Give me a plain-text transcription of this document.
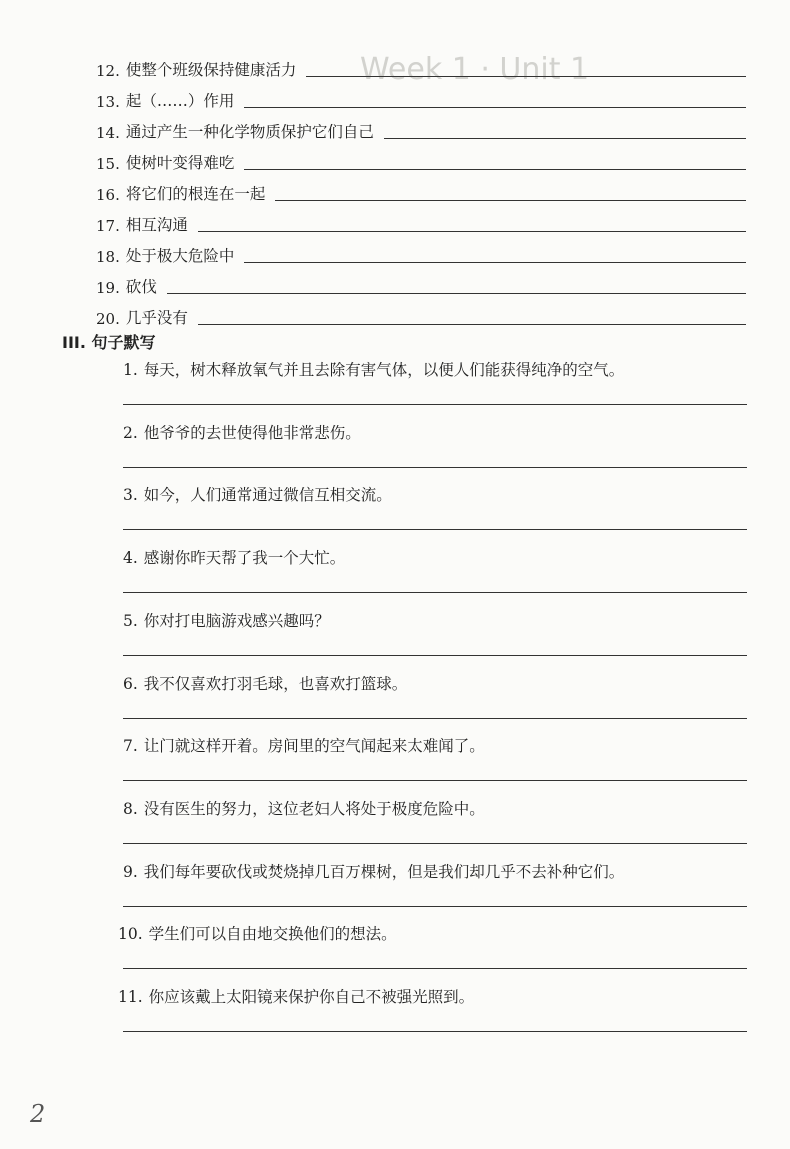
Week 1 · Unit 1
12. 使整个班级保持健康活力
13. 起（……）作用
14. 通过产生一种化学物质保护它们自己
15. 使树叶变得难吃
16. 将它们的根连在一起
17. 相互沟通
18. 处于极大危险中
19. 砍伐
20. 几乎没有
III. 句子默写
1. 每天，树木释放氧气并且去除有害气体，以便人们能获得纯净的空气。
2. 他爷爷的去世使得他非常悲伤。
3. 如今，人们通常通过微信互相交流。
4. 感谢你昨天帮了我一个大忙。
5. 你对打电脑游戏感兴趣吗？
6. 我不仅喜欢打羽毛球，也喜欢打篮球。
7. 让门就这样开着。房间里的空气闻起来太难闻了。
8. 没有医生的努力，这位老妇人将处于极度危险中。
9. 我们每年要砍伐或焚烧掉几百万棵树，但是我们却几乎不去补种它们。
10. 学生们可以自由地交换他们的想法。
11. 你应该戴上太阳镜来保护你自己不被强光照到。
2
